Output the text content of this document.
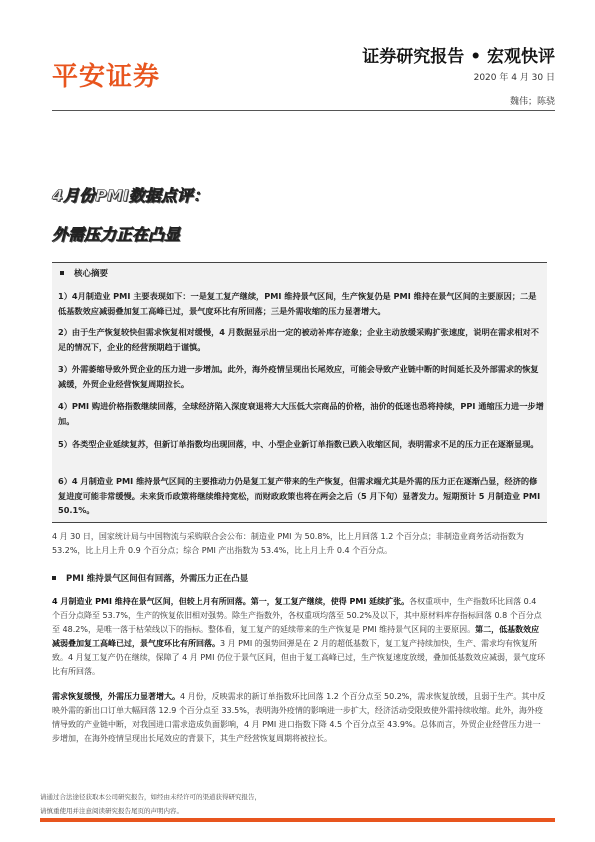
平安证券
证券研究报告 • 宏观快评
2020 年 4 月 30 日
魏伟；陈骁
4月份PMI数据点评：
外需压力正在凸显
核心摘要

1）4月制造业 PMI 主要表现如下：一是复工复产继续，PMI 维持景气区间，生产恢复仍是 PMI 维持在景气区间的主要原因；二是低基数效应减弱叠加复工高峰已过，景气度环比有所回落；三是外需收缩的压力显著增大。

2）由于生产恢复较快但需求恢复相对缓慢，4 月数据显示出一定的被动补库存迹象；企业主动放缓采购扩张速度，说明在需求相对不足的情况下，企业的经营预期趋于谨慎。

3）外需萎缩导致外贸企业的压力进一步增加。此外，海外疫情呈现出长尾效应，可能会导致产业链中断的时间延长及外部需求的恢复减缓，外贸企业经营恢复周期拉长。

4）PMI 购进价格指数继续回落，全球经济陷入深度衰退将大大压低大宗商品的价格，油价的低迷也恐将持续，PPI 通缩压力进一步增加。

5）各类型企业延续复苏，但新订单指数均出现回落，中、小型企业新订单指数已跌入收缩区间，表明需求不足的压力正在逐渐显现。

6）4 月制造业 PMI 维持景气区间的主要推动力仍是复工复产带来的生产恢复，但需求端尤其是外需的压力正在逐渐凸显，经济的修复进度可能非常缓慢。未来货币政策将继续维持宽松，而财政政策也将在两会之后（5 月下旬）显著发力。短期预计 5 月制造业 PMI 50.1%。

4 月 30 日，国家统计局与中国物流与采购联合会公布：制造业 PMI 为 50.8%，比上月回落 1.2 个百分点；非制造业商务活动指数为 53.2%，比上月上升 0.9 个百分点；综合 PMI 产出指数为 53.4%，比上月上升 0.4 个百分点。

PMI 维持景气区间但有回落，外需压力正在凸显

4 月制造业 PMI 维持在景气区间，但较上月有所回落。第一，复工复产继续，使得 PMI 延续扩张。各权重项中，生产指数环比回落 0.4 个百分点降至 53.7%，生产的恢复依旧相对强势。除生产指数外，各权重项均落至 50.2%及以下，其中原材料库存指标回落 0.8 个百分点至 48.2%，是唯一落于枯荣线以下的指标。整体看，复工复产的延续带来的生产恢复是 PMI 维持景气区间的主要原因。第二，低基数效应减弱叠加复工高峰已过，景气度环比有所回落。3 月 PMI 的强势回弹是在 2 月的超低基数下，复工复产持续加快，生产、需求均有恢复所致。4 月复工复产仍在继续，保障了 4 月 PMI 仍位于景气区间，但由于复工高峰已过，生产恢复速度放缓，叠加低基数效应减弱，景气度环比有所回落。

需求恢复缓慢，外需压力显著增大。4 月份，反映需求的新订单指数环比回落 1.2 个百分点至 50.2%，需求恢复放缓，且弱于生产。其中反映外需的新出口订单大幅回落 12.9 个百分点至 33.5%，表明海外疫情的影响进一步扩大，经济活动受限致使外需持续收缩。此外，海外疫情导致的产业链中断，对我国进口需求造成负面影响，4 月 PMI 进口指数下降 4.5 个百分点至 43.9%。总体而言，外贸企业经营压力进一步增加，在海外疫情呈现出长尾效应的背景下，其生产经营恢复周期将被拉长。

请通过合法途径获取本公司研究报告，如经由未经许可的渠道获得研究报告，
请慎重使用并注意阅读研究报告尾页的声明内容。
